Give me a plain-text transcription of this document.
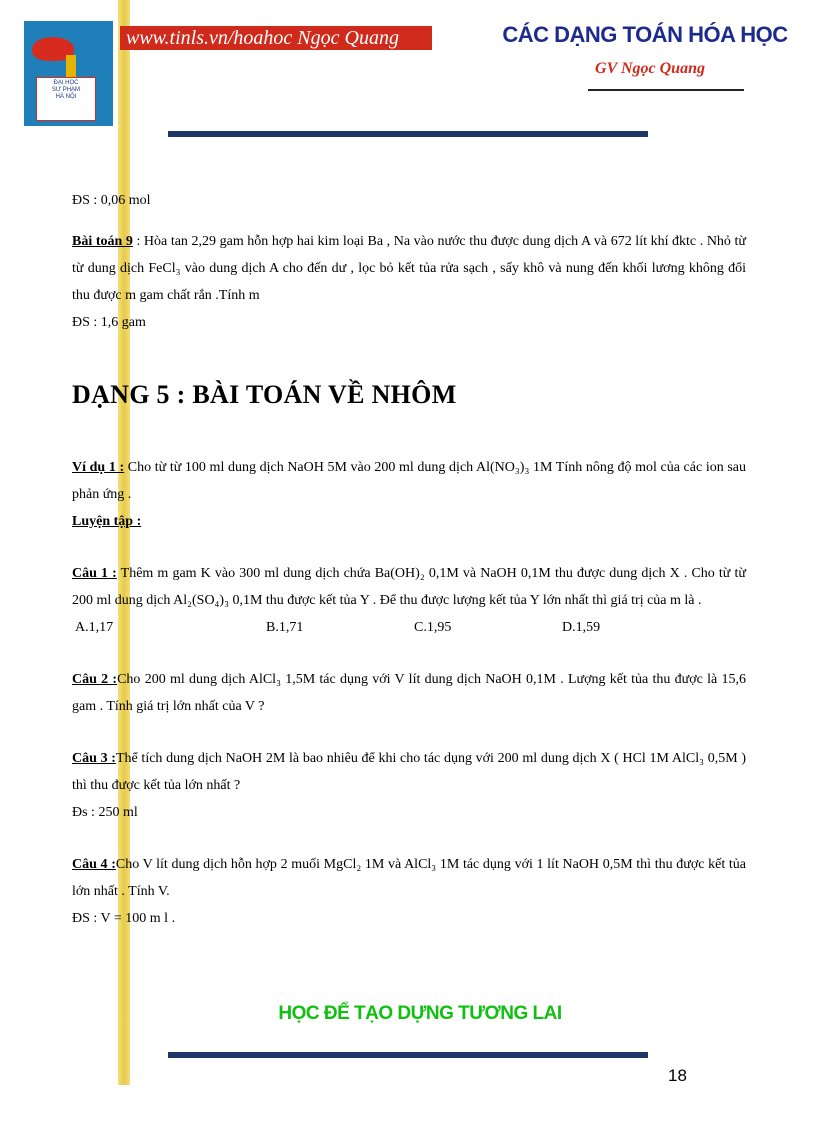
ĐẠI HỌC
SƯ PHẠM
HÀ NỘI
www.tinls.vn/hoahoc Ngọc Quang	CÁC DẠNG TOÁN HÓA HỌC
GV Ngọc Quang

ĐS : 0,06 mol

Bài toán 9 : Hòa tan 2,29 gam hỗn hợp hai kim loại Ba , Na vào nước thu được dung dịch A và 672 lít khí đktc . Nhỏ từ từ dung dịch FeCl₃ vào dung dịch A cho đến dư , lọc bỏ kết tủa rửa sạch , sấy khô và nung đến khối lương không đổi thu được m gam chất rắn .Tính m

ĐS : 1,6 gam

DẠNG 5 : BÀI TOÁN VỀ NHÔM

Ví dụ 1 : Cho từ từ 100 ml dung dịch NaOH 5M vào 200 ml dung dịch Al(NO₃)₃ 1M Tính nông độ mol của các ion sau phản ứng .

Luyện tập :

Câu 1 : Thêm m gam K vào 300 ml dung dịch chứa Ba(OH)₂ 0,1M và NaOH 0,1M thu được dung dịch X . Cho từ từ 200 ml dung dịch Al₂(SO₄)₃ 0,1M thu được kết tủa Y . Để thu được lượng kết tủa Y lớn nhất thì giá trị của m là .

A.1,17	B.1,71	C.1,95	D.1,59

Câu 2 :Cho 200 ml dung dịch AlCl₃ 1,5M tác dụng với V lít dung dịch NaOH 0,1M . Lượng kết tủa thu được là 15,6 gam . Tính giá trị lớn nhất của V ?

Câu 3 :Thể tích dung dịch NaOH 2M là bao nhiêu để khi cho tác dụng với 200 ml dung dịch X ( HCl 1M AlCl₃ 0,5M ) thì thu được kết tủa lớn nhất ?

Đs : 250 ml

Câu 4 :Cho V lít dung dịch hỗn hợp 2 muối MgCl₂ 1M và AlCl₃ 1M tác dụng với 1 lít NaOH 0,5M thì thu được kết tủa lớn nhất . Tính V.

ĐS : V = 100 m l .

HỌC ĐỂ TẠO DỰNG TƯƠNG LAI
18
